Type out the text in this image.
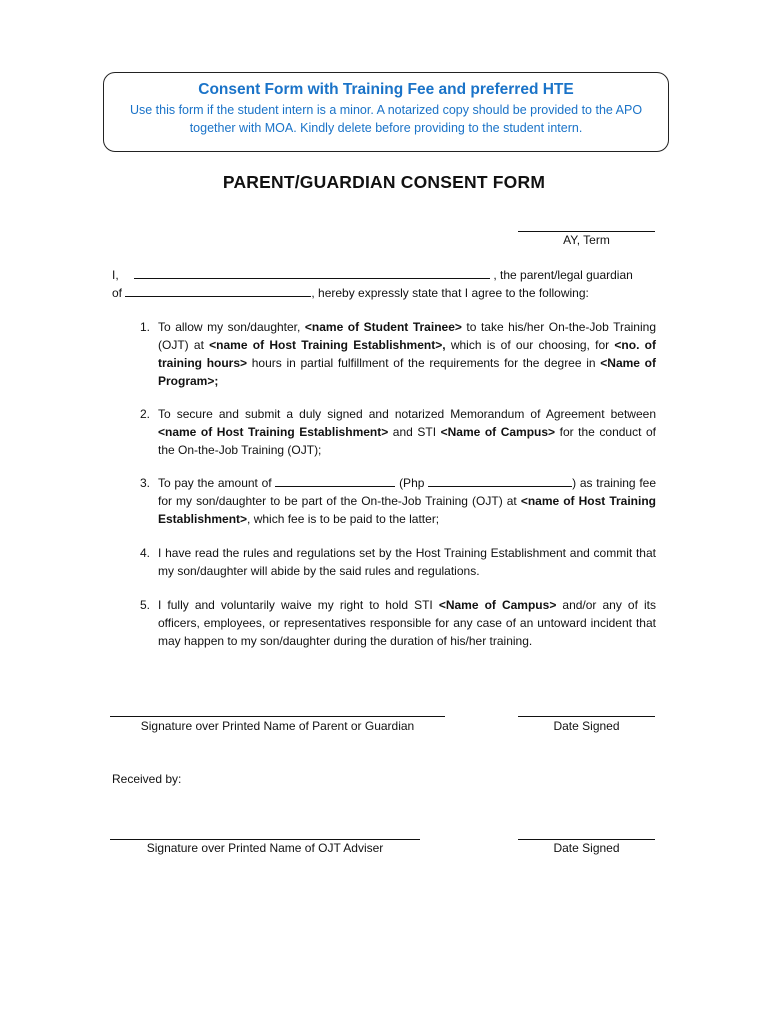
Consent Form with Training Fee and preferred HTE
Use this form if the student intern is a minor. A notarized copy should be provided to the APO together with MOA. Kindly delete before providing to the student intern.
PARENT/GUARDIAN CONSENT FORM
AY, Term
I,	, the parent/legal guardian
of	, hereby expressly state that I agree to the following:
1. To allow my son/daughter, <name of Student Trainee> to take his/her On-the-Job Training (OJT) at <name of Host Training Establishment>, which is of our choosing, for <no. of training hours> hours in partial fulfillment of the requirements for the degree in <Name of Program>;
2. To secure and submit a duly signed and notarized Memorandum of Agreement between <name of Host Training Establishment> and STI <Name of Campus> for the conduct of the On-the-Job Training (OJT);
3. To pay the amount of	(Php	) as training fee for my son/daughter to be part of the On-the-Job Training (OJT) at <name of Host Training Establishment>, which fee is to be paid to the latter;
4. I have read the rules and regulations set by the Host Training Establishment and commit that my son/daughter will abide by the said rules and regulations.
5. I fully and voluntarily waive my right to hold STI <Name of Campus> and/or any of its officers, employees, or representatives responsible for any case of an untoward incident that may happen to my son/daughter during the duration of his/her training.
Signature over Printed Name of Parent or Guardian	Date Signed
Received by:
Signature over Printed Name of OJT Adviser	Date Signed
